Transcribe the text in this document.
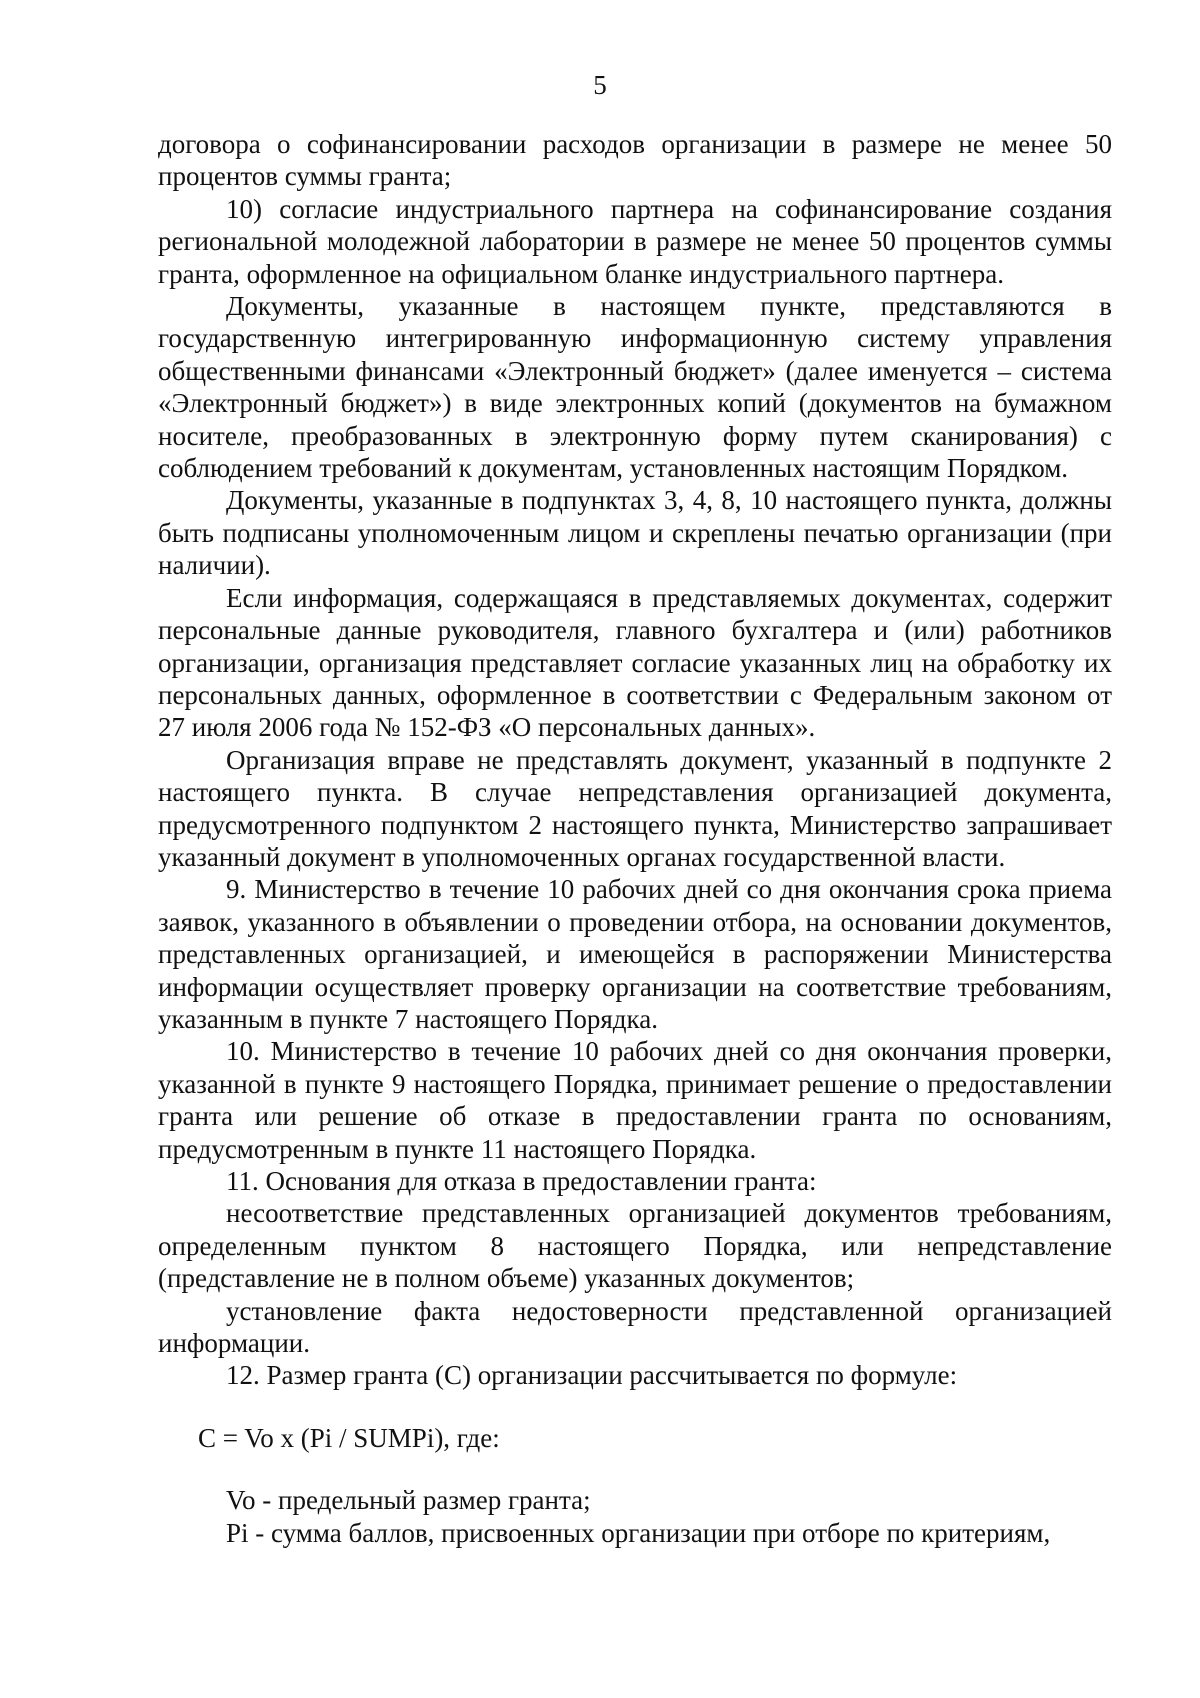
5

договора о софинансировании расходов организации в размере не менее 50 процентов суммы гранта;

10) согласие индустриального партнера на софинансирование создания региональной молодежной лаборатории в размере не менее 50 процентов суммы гранта, оформленное на официальном бланке индустриального партнера.

Документы, указанные в настоящем пункте, представляются в государственную интегрированную информационную систему управления общественными финансами «Электронный бюджет» (далее именуется – система «Электронный бюджет») в виде электронных копий (документов на бумажном носителе, преобразованных в электронную форму путем сканирования) с соблюдением требований к документам, установленных настоящим Порядком.

Документы, указанные в подпунктах 3, 4, 8, 10 настоящего пункта, должны быть подписаны уполномоченным лицом и скреплены печатью организации (при наличии).

Если информация, содержащаяся в представляемых документах, содержит персональные данные руководителя, главного бухгалтера и (или) работников организации, организация представляет согласие указанных лиц на обработку их персональных данных, оформленное в соответствии с Федеральным законом от 27 июля 2006 года № 152-ФЗ «О персональных данных».

Организация вправе не представлять документ, указанный в подпункте 2 настоящего пункта. В случае непредставления организацией документа, предусмотренного подпунктом 2 настоящего пункта, Министерство запрашивает указанный документ в уполномоченных органах государственной власти.

9. Министерство в течение 10 рабочих дней со дня окончания срока приема заявок, указанного в объявлении о проведении отбора, на основании документов, представленных организацией, и имеющейся в распоряжении Министерства информации осуществляет проверку организации на соответствие требованиям, указанным в пункте 7 настоящего Порядка.

10. Министерство в течение 10 рабочих дней со дня окончания проверки, указанной в пункте 9 настоящего Порядка, принимает решение о предоставлении гранта или решение об отказе в предоставлении гранта по основаниям, предусмотренным в пункте 11 настоящего Порядка.

11. Основания для отказа в предоставлении гранта:

несоответствие представленных организацией документов требованиям, определенным пунктом 8 настоящего Порядка, или непредставление (представление не в полном объеме) указанных документов;

установление факта недостоверности представленной организацией информации.

12. Размер гранта (С) организации рассчитывается по формуле:

C = Vo x (Pi / SUMPi), где:

Vo - предельный размер гранта;

Pi - сумма баллов, присвоенных организации при отборе по критериям,
